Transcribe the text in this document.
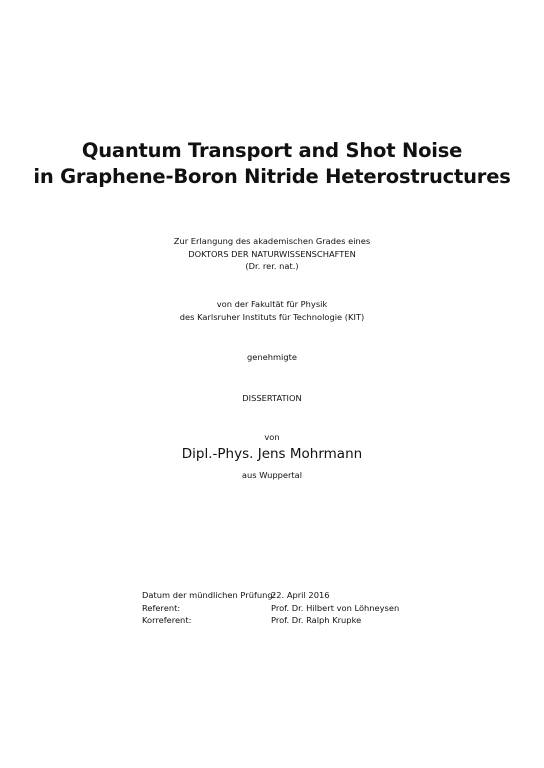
Quantum Transport and Shot Noise
in Graphene-Boron Nitride Heterostructures
Zur Erlangung des akademischen Grades eines
DOKTORS DER NATURWISSENSCHAFTEN
(Dr. rer. nat.)
von der Fakultät für Physik
des Karlsruher Instituts für Technologie (KIT)
genehmigte
DISSERTATION
von
Dipl.-Phys. Jens Mohrmann
aus Wuppertal
Datum der mündlichen Prüfung:
22. April 2016
Referent:	Prof. Dr. Hilbert von Löhneysen
Korreferent:	Prof. Dr. Ralph Krupke
